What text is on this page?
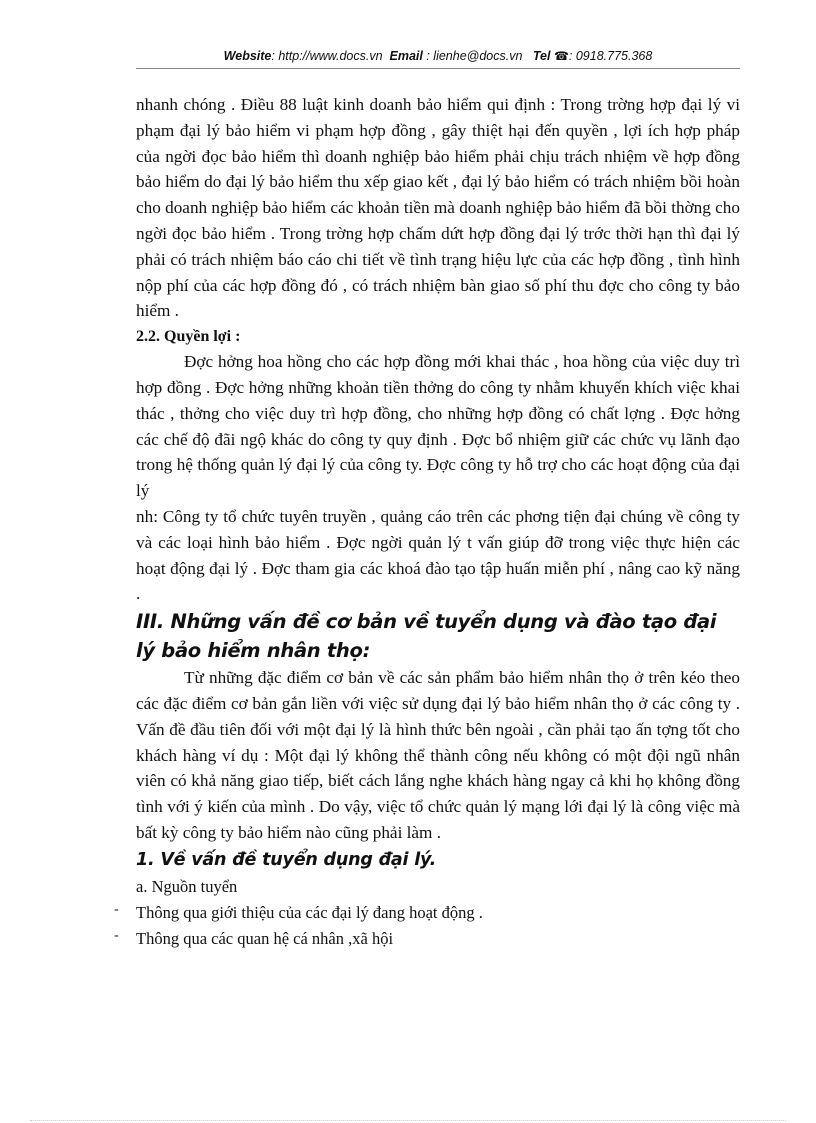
Website: http://www.docs.vn Email : lienhe@docs.vn Tel ☎: 0918.775.368

nhanh chóng . Điều 88 luật kinh doanh bảo hiểm qui định : Trong trờng hợp đại lý vi phạm đại lý bảo hiểm vi phạm hợp đồng , gây thiệt hại đến quyền , lợi ích hợp pháp của ngời đọc bảo hiểm thì doanh nghiệp bảo hiểm phải chịu trách nhiệm về hợp đồng bảo hiểm do đại lý bảo hiểm thu xếp giao kết , đại lý bảo hiểm có trách nhiệm bồi hoàn cho doanh nghiệp bảo hiểm các khoản tiền mà doanh nghiệp bảo hiểm đã bồi thờng cho ngời đọc bảo hiểm . Trong trờng hợp chấm dứt hợp đồng đại lý trớc thời hạn thì đại lý phải có trách nhiệm báo cáo chi tiết về tình trạng hiệu lực của các hợp đồng , tình hình nộp phí của các hợp đồng đó , có trách nhiệm bàn giao số phí thu đợc cho công ty bảo hiểm .

2.2. Quyền lợi :

Đợc hởng hoa hồng cho các hợp đồng mới khai thác , hoa hồng của việc duy trì hợp đồng . Đợc hởng những khoản tiền thởng do công ty nhằm khuyến khích việc khai thác , thởng cho việc duy trì hợp đồng, cho những hợp đồng có chất lợng . Đợc hởng các chế độ đãi ngộ khác do công ty quy định . Đợc bổ nhiệm giữ các chức vụ lãnh đạo trong hệ thống quản lý đại lý của công ty. Đợc công ty hỗ trợ cho các hoạt động của đại lý

nh: Công ty tổ chức tuyên truyền , quảng cáo trên các phơng tiện đại chúng về công ty và các loại hình bảo hiểm . Đợc ngời quản lý t vấn giúp đỡ trong việc thực hiện các hoạt động đại lý . Đợc tham gia các khoá đào tạo tập huấn miễn phí , nâng cao kỹ năng .

III. Những vấn đề cơ bản về tuyển dụng và đào tạo đại lý bảo hiểm nhân thọ:

Từ những đặc điểm cơ bản về các sản phẩm bảo hiểm nhân thọ ở trên kéo theo các đặc điểm cơ bản gắn liền với việc sử dụng đại lý bảo hiểm nhân thọ ở các công ty . Vấn đề đầu tiên đối với một đại lý là hình thức bên ngoài , cần phải tạo ấn tợng tốt cho khách hàng ví dụ : Một đại lý không thể thành công nếu không có một đội ngũ nhân viên có khả năng giao tiếp, biết cách lắng nghe khách hàng ngay cả khi họ không đồng tình với ý kiến của mình . Do vậy, việc tổ chức quản lý mạng lới đại lý là công việc mà bất kỳ công ty bảo hiểm nào cũng phải làm .

1. Về vấn đề tuyển dụng đại lý.

a. Nguồn tuyển

- Thông qua giới thiệu của các đại lý đang hoạt động .

- Thông qua các quan hệ cá nhân ,xã hội
